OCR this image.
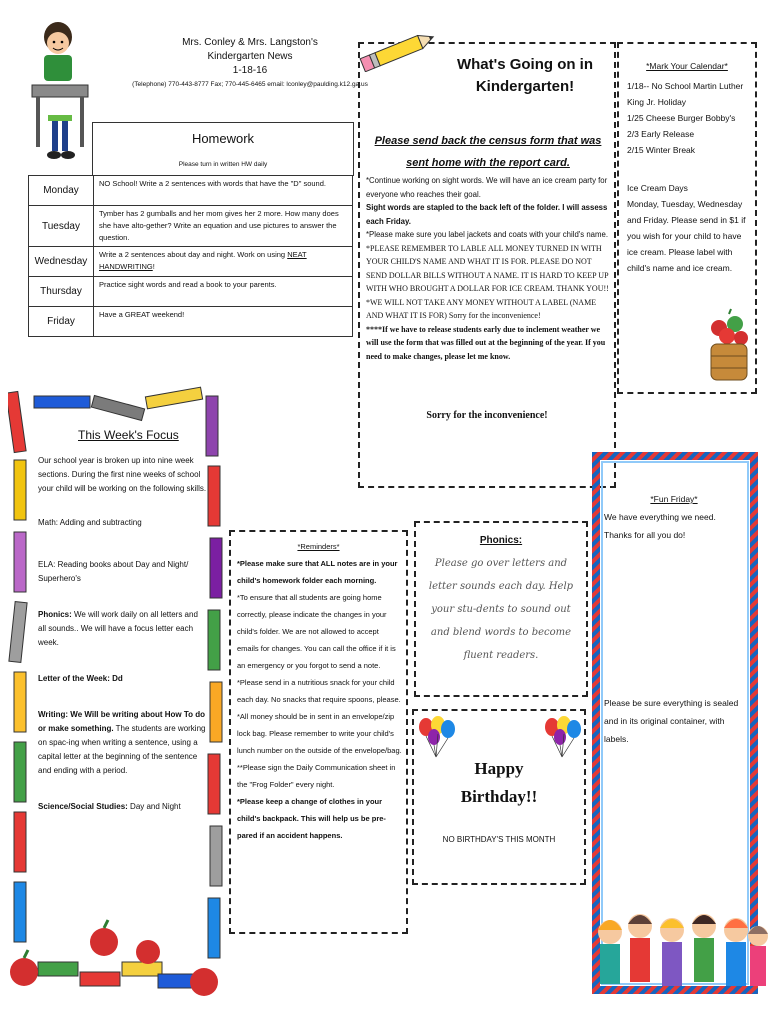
Mrs. Conley & Mrs. Langston's
Kindergarten News
1-18-16
(Telephone) 770-443-8777 Fax; 770-445-6465 email: lconley@paulding.k12.ga.us
Homework
Please turn in written HW daily
Monday	NO School! Write a 2 sentences with words that have the "D" sound.
Tuesday	Tymber has 2 gumballs and her mom gives her 2 more. How many does she have alto-gether? Write an equation and use pictures to answer the question.
Wednesday	Write a 2 sentences about day and night. Work on using NEAT HANDWRITING!
Thursday	Practice sight words and read a book to your parents.
Friday	Have a GREAT weekend!
This Week's Focus

Our school year is broken up into nine week sections. During the first nine weeks of school your child will be working on the following skills.

Math: Adding and subtracting

ELA: Reading books about Day and Night/ Superhero's

Phonics: We will work daily on all letters and all sounds.. We will have a focus letter each week.

Letter of the Week: Dd

Writing: We Will be writing about How To do or make something. The students are working on spac-ing when writing a sentence, using a capital letter at the beginning of the sentence and ending with a period.

Science/Social Studies: Day and Night

What's Going on in
Kindergarten!
Please send back the census form that was sent home with the report card.
*Continue working on sight words. We will have an ice cream party for everyone who reaches their goal.
Sight words are stapled to the back left of the folder. I will assess each Friday.
*Please make sure you label jackets and coats with your child's name.
*PLEASE REMEMBER TO LABLE ALL MONEY TURNED IN WITH YOUR CHILD'S NAME AND WHAT IT IS FOR. PLEASE DO NOT SEND DOLLAR BILLS WITHOUT A NAME. IT IS HARD TO KEEP UP WITH WHO BROUGHT A DOLLAR FOR ICE CREAM. THANK YOU!!
*WE WILL NOT TAKE ANY MONEY WITHOUT A LABEL (NAME AND WHAT IT IS FOR) Sorry for the inconvenience!
****If we have to release students early due to inclement weather we will use the form that was filled out at the beginning of the year. If you need to make changes, please let me know.
Sorry for the inconvenience!
*Mark Your Calendar*
1/18-- No School Martin Luther King Jr. Holiday
1/25 Cheese Burger Bobby's
2/3 Early Release
2/15 Winter Break
Ice Cream Days
Monday, Tuesday, Wednesday and Friday. Please send in $1 if you wish for your child to have ice cream. Please label with child's name and ice cream.
*Reminders*
*Please make sure that ALL notes are in your child's homework folder each morning.
*To ensure that all students are going home correctly, please indicate the changes in your child's folder. We are not allowed to accept emails for changes. You can call the office if it is an emergency or you forgot to send a note.
*Please send in a nutritious snack for your child each day. No snacks that require spoons, please.
*All money should be in sent in an envelope/zip lock bag. Please remember to write your child's lunch number on the outside of the envelope/bag.
**Please sign the Daily Communication sheet in the "Frog Folder" every night.
*Please keep a change of clothes in your child's backpack. This will help us be pre-pared if an accident happens.
Phonics:
Please go over letters and letter sounds each day. Help your stu-dents to sound out and blend words to become fluent readers.
Happy
Birthday!!
NO BIRTHDAY'S THIS MONTH
*Fun Friday*
We have everything we need. Thanks for all you do!
Please be sure everything is sealed and in its original container, with labels.
